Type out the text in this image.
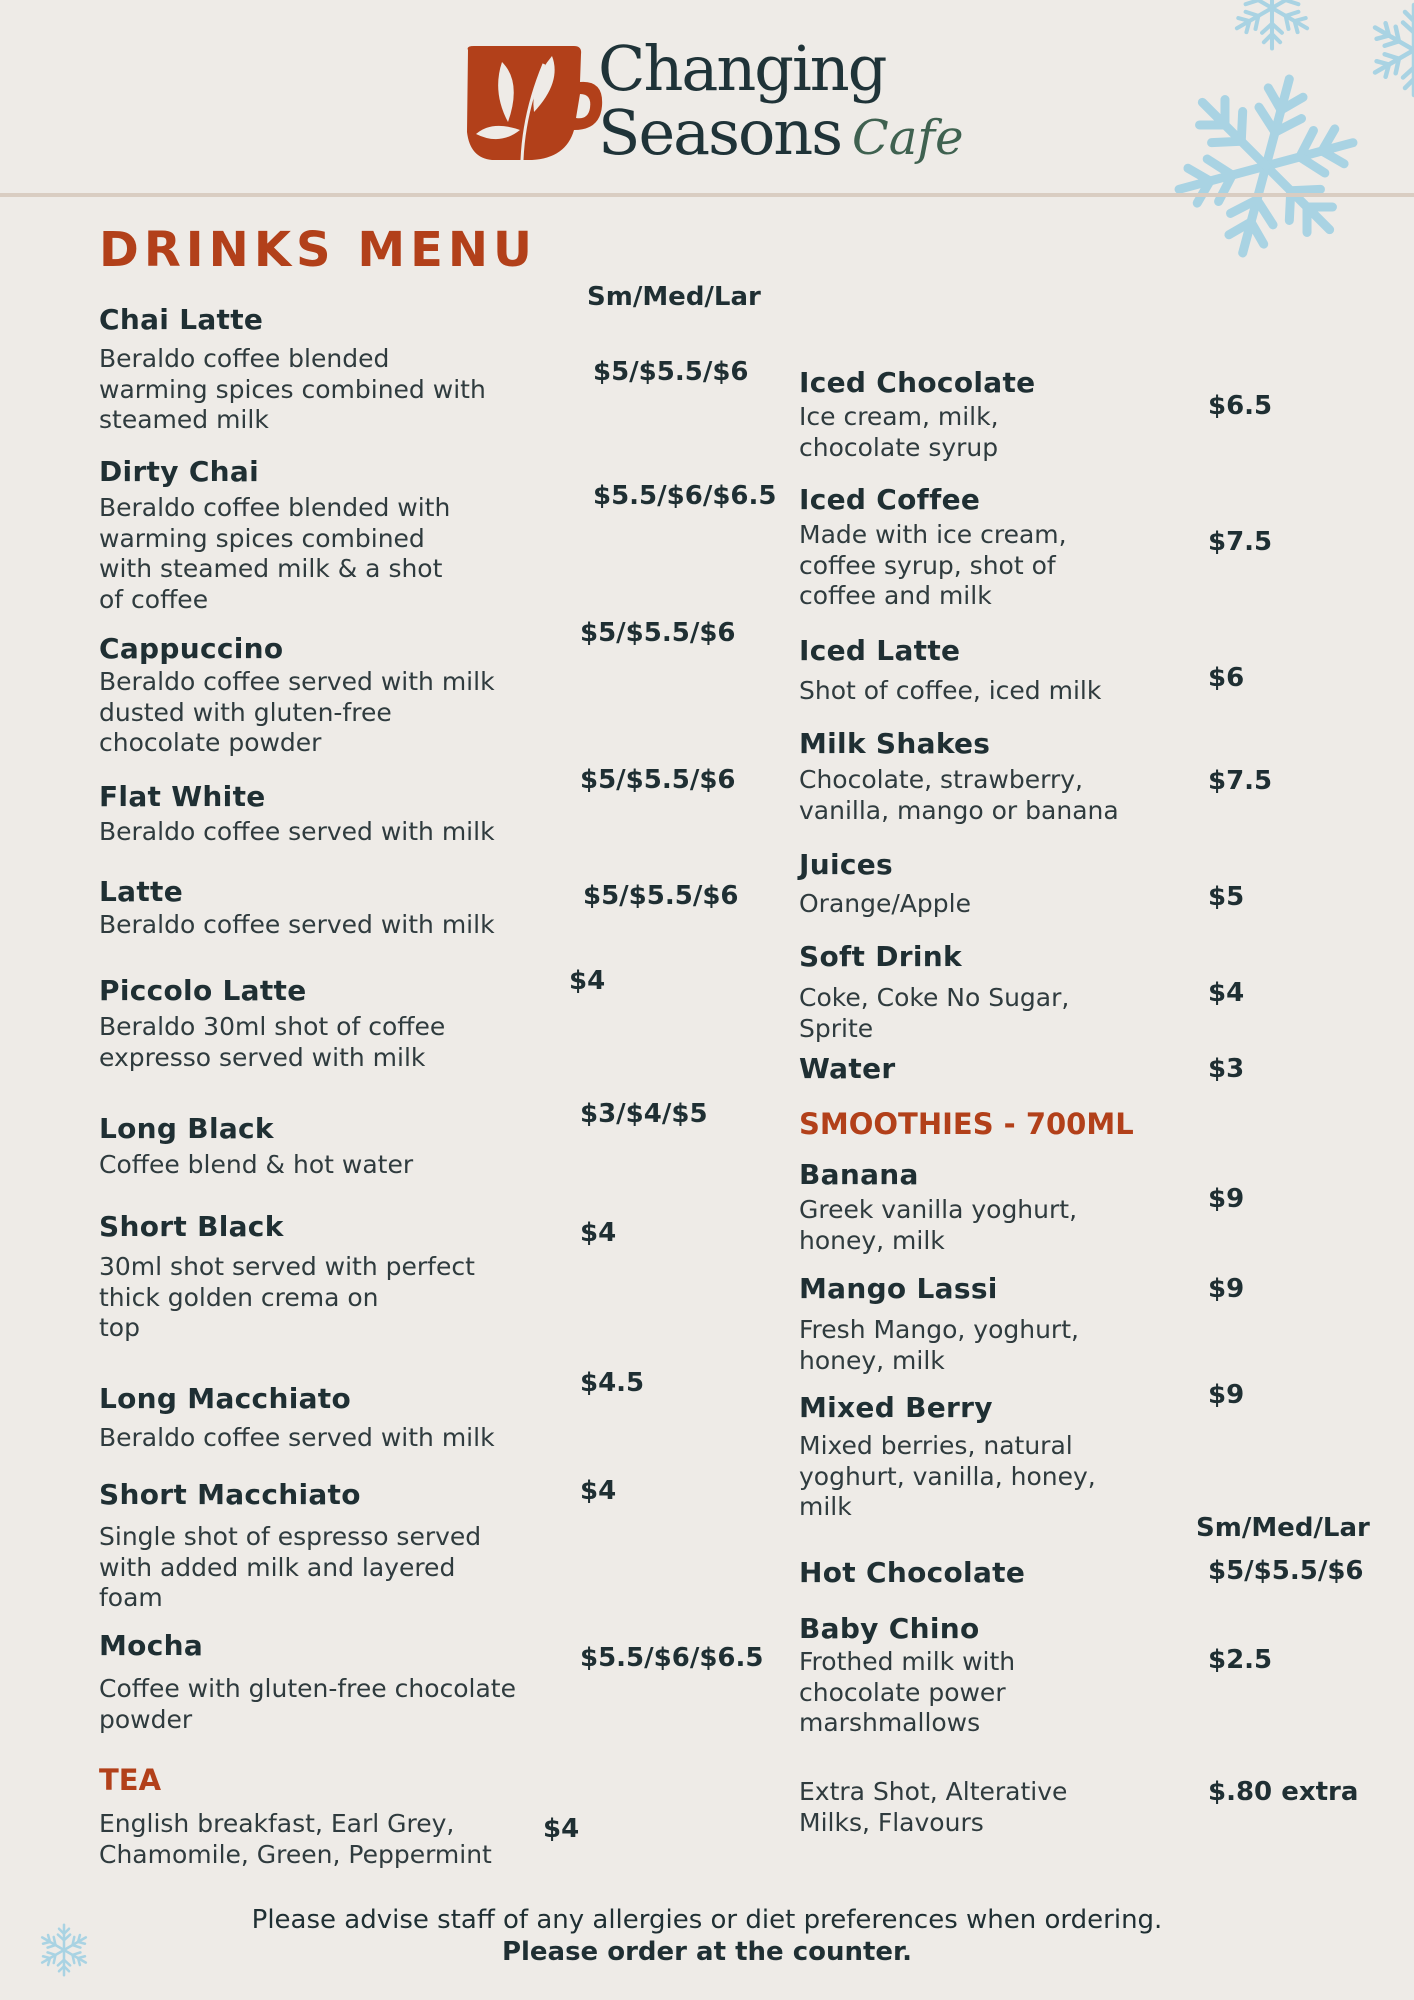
Changing
Seasons Cafe
DRINKS MENU
Sm/Med/Lar
Sm/Med/Lar
Chai Latte
Beraldo coffee blended
warming spices combined with
steamed milk
$5/$5.5/$6
Dirty Chai
Beraldo coffee blended with
warming spices combined
with steamed milk & a shot
of coffee
$5.5/$6/$6.5
Cappuccino
Beraldo coffee served with milk
dusted with gluten-free
chocolate powder
$5/$5.5/$6
Flat White
Beraldo coffee served with milk
$5/$5.5/$6
Latte
Beraldo coffee served with milk
$5/$5.5/$6
Piccolo Latte
Beraldo 30ml shot of coffee
expresso served with milk
$4
Long Black
Coffee blend & hot water
$3/$4/$5
Short Black
30ml shot served with perfect
thick golden crema on
top
$4
Long Macchiato
Beraldo coffee served with milk
$4.5
Short Macchiato
Single shot of espresso served
with added milk and layered
foam
$4
Mocha
Coffee with gluten-free chocolate
powder
$5.5/$6/$6.5
TEA
English breakfast, Earl Grey,
Chamomile, Green, Peppermint
$4
Iced Chocolate
Ice cream, milk,
chocolate syrup
$6.5
Iced Coffee
Made with ice cream,
coffee syrup, shot of
coffee and milk
$7.5
Iced Latte
Shot of coffee, iced milk	$6
Milk Shakes
Chocolate, strawberry,
vanilla, mango or banana
$7.5
Juices
Orange/Apple	$5
Soft Drink
Coke, Coke No Sugar,
Sprite
$4
Water	$3
SMOOTHIES - 700ML
Banana
Greek vanilla yoghurt,
honey, milk
$9
Mango Lassi
Fresh Mango, yoghurt,
honey, milk
$9
Mixed Berry
Mixed berries, natural
yoghurt, vanilla, honey,
milk
$9
Hot Chocolate	$5/$5.5/$6
Baby Chino
Frothed milk with
chocolate power
marshmallows
$2.5
Extra Shot, Alterative
Milks, Flavours
$.80 extra
Please advise staff of any allergies or diet preferences when ordering.
Please order at the counter.
